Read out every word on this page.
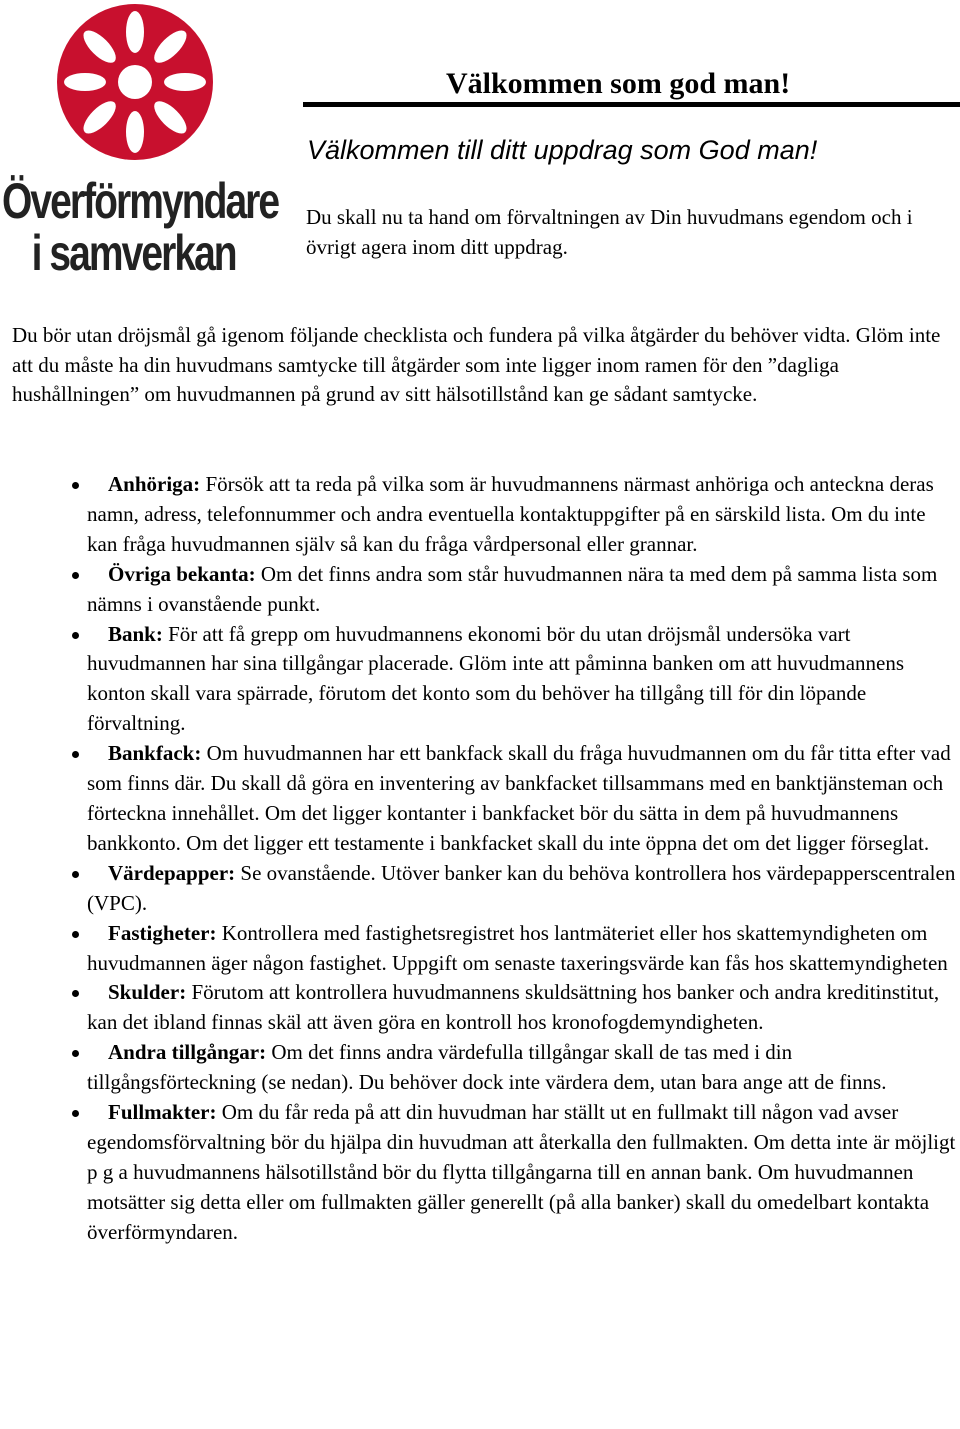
Överförmyndare
i samverkan
Välkommen som god man!
Välkommen till ditt uppdrag som God man!

Du skall nu ta hand om förvaltningen av Din huvudmans egendom och i övrigt agera inom ditt uppdrag.

Du bör utan dröjsmål gå igenom följande checklista och fundera på vilka åtgärder du behöver vidta. Glöm inte att du måste ha din huvudmans samtycke till åtgärder som inte ligger inom ramen för den ”dagliga hushållningen” om huvudmannen på grund av sitt hälsotillstånd kan ge sådant samtycke.

Anhöriga: Försök att ta reda på vilka som är huvudmannens närmast anhöriga och anteckna deras namn, adress, telefonnummer och andra eventuella kontaktuppgifter på en särskild lista. Om du inte kan fråga huvudmannen själv så kan du fråga vårdpersonal eller grannar.
Övriga bekanta: Om det finns andra som står huvudmannen nära ta med dem på samma lista som nämns i ovanstående punkt.
Bank: För att få grepp om huvudmannens ekonomi bör du utan dröjsmål undersöka vart huvudmannen har sina tillgångar placerade. Glöm inte att påminna banken om att huvudmannens konton skall vara spärrade, förutom det konto som du behöver ha tillgång till för din löpande förvaltning.
Bankfack: Om huvudmannen har ett bankfack skall du fråga huvudmannen om du får titta efter vad som finns där. Du skall då göra en inventering av bankfacket tillsammans med en banktjänsteman och förteckna innehållet. Om det ligger kontanter i bankfacket bör du sätta in dem på huvudmannens bankkonto. Om det ligger ett testamente i bankfacket skall du inte öppna det om det ligger förseglat.
Värdepapper: Se ovanstående. Utöver banker kan du behöva kontrollera hos värdepapperscentralen (VPC).
Fastigheter: Kontrollera med fastighetsregistret hos lantmäteriet eller hos skattemyndigheten om huvudmannen äger någon fastighet. Uppgift om senaste taxeringsvärde kan fås hos skattemyndigheten
Skulder: Förutom att kontrollera huvudmannens skuldsättning hos banker och andra kreditinstitut, kan det ibland finnas skäl att även göra en kontroll hos kronofogdemyndigheten.
Andra tillgångar: Om det finns andra värdefulla tillgångar skall de tas med i din tillgångsförteckning (se nedan). Du behöver dock inte värdera dem, utan bara ange att de finns.
Fullmakter: Om du får reda på att din huvudman har ställt ut en fullmakt till någon vad avser egendomsförvaltning bör du hjälpa din huvudman att återkalla den fullmakten. Om detta inte är möjligt p g a huvudmannens hälsotillstånd bör du flytta tillgångarna till en annan bank. Om huvudmannen motsätter sig detta eller om fullmakten gäller generellt (på alla banker) skall du omedelbart kontakta överförmyndaren.
